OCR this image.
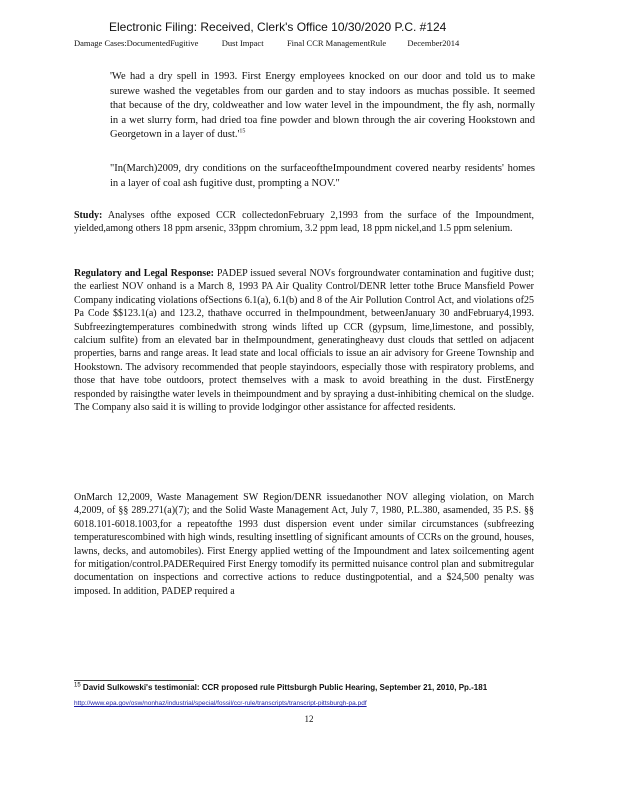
Electronic Filing: Received, Clerk's Office 10/30/2020 P.C. #124
Damage Cases:DocumentedFugitive	Dust Impact	Final CCR ManagementRule	December2014
'We had a dry spell in 1993. First Energy employees knocked on our door and told us to make surewe washed the vegetables from our garden and to stay indoors as muchas possible. It seemed that because of the dry, coldweather and low water level in the impoundment, the fly ash, normally in a wet slurry form, had dried toa fine powder and blown through the air covering Hookstown and Georgetown in a layer of $dust.'^{15}$
"In(March)2009, dry conditions on the surfaceoftheImpoundment covered nearby residents' homes in a layer of coal ash fugitive dust, prompting a NOV."
Study: Analyses ofthe exposed CCR collectedonFebruary 2,1993 from the surface of the Impoundment, yielded,among others 18 ppm arsenic, 33ppm chromium, 3.2 ppm lead, 18 ppm nickel,and 1.5 ppm selenium.
Regulatory and Legal Response: PADEP issued several NOVs forgroundwater contamination and fugitive dust; the earliest NOV onhand is a March 8, 1993 PA Air Quality Control/DENR letter tothe Bruce Mansfield Power Company indicating violations ofSections 6.1(a), 6.1(b) and 8 of the Air Pollution Control Act, and violations of25 Pa Code $$123.1(a) and 123.2, thathave occurred in theImpoundment, betweenJanuary 30 andFebruary4,1993. Subfreezingtemperatures combinedwith strong winds lifted up CCR (gypsum, lime,limestone, and possibly, calcium sulfite) from an elevated bar in theImpoundment, generatingheavy dust clouds that settled on adjacent properties, barns and range areas. It lead state and local officials to issue an air advisory for Greene Township and Hookstown. The advisory recommended that people stayindoors, especially those with respiratory problems, and those that have tobe outdoors, protect themselves with a mask to avoid breathing in the dust. FirstEnergy responded by raisingthe water levels in theimpoundment and by spraying a dust-inhibiting chemical on the sludge. The Company also said it is willing to provide lodgingor other assistance for affected residents.
OnMarch 12,2009, Waste Management SW Region/DENR issuedanother NOV alleging violation, on March 4,2009, of §§ 289.271(a)(7); and the Solid Waste Management Act, July 7, 1980, P.L.380, asamended, 35 P.S. §§ 6018.101-6018.1003,for a repeatofthe 1993 dust dispersion event under similar circumstances (subfreezing temperaturescombined with high winds, resulting insettling of significant amounts of CCRs on the ground, houses, lawns, decks, and automobiles). First Energy applied wetting of the Impoundment and latex soilcementing agent for mitigation/control.PADERequired First Energy tomodify its permitted nuisance control plan and submitregular documentation on inspections and corrective actions to reduce dustingpotential, and a $24,500 penalty was imposed. In addition, PADEP required a
$^{15}$ David Sulkowski's testimonial: CCR proposed rule Pittsburgh Public Hearing, September 21, 2010, Pp.-181
http://www.epa.gov/osw/nonhaz/industrial/special/fossil/ccr-rule/transcripts/transcript-pittsburgh-pa.pdf
12
